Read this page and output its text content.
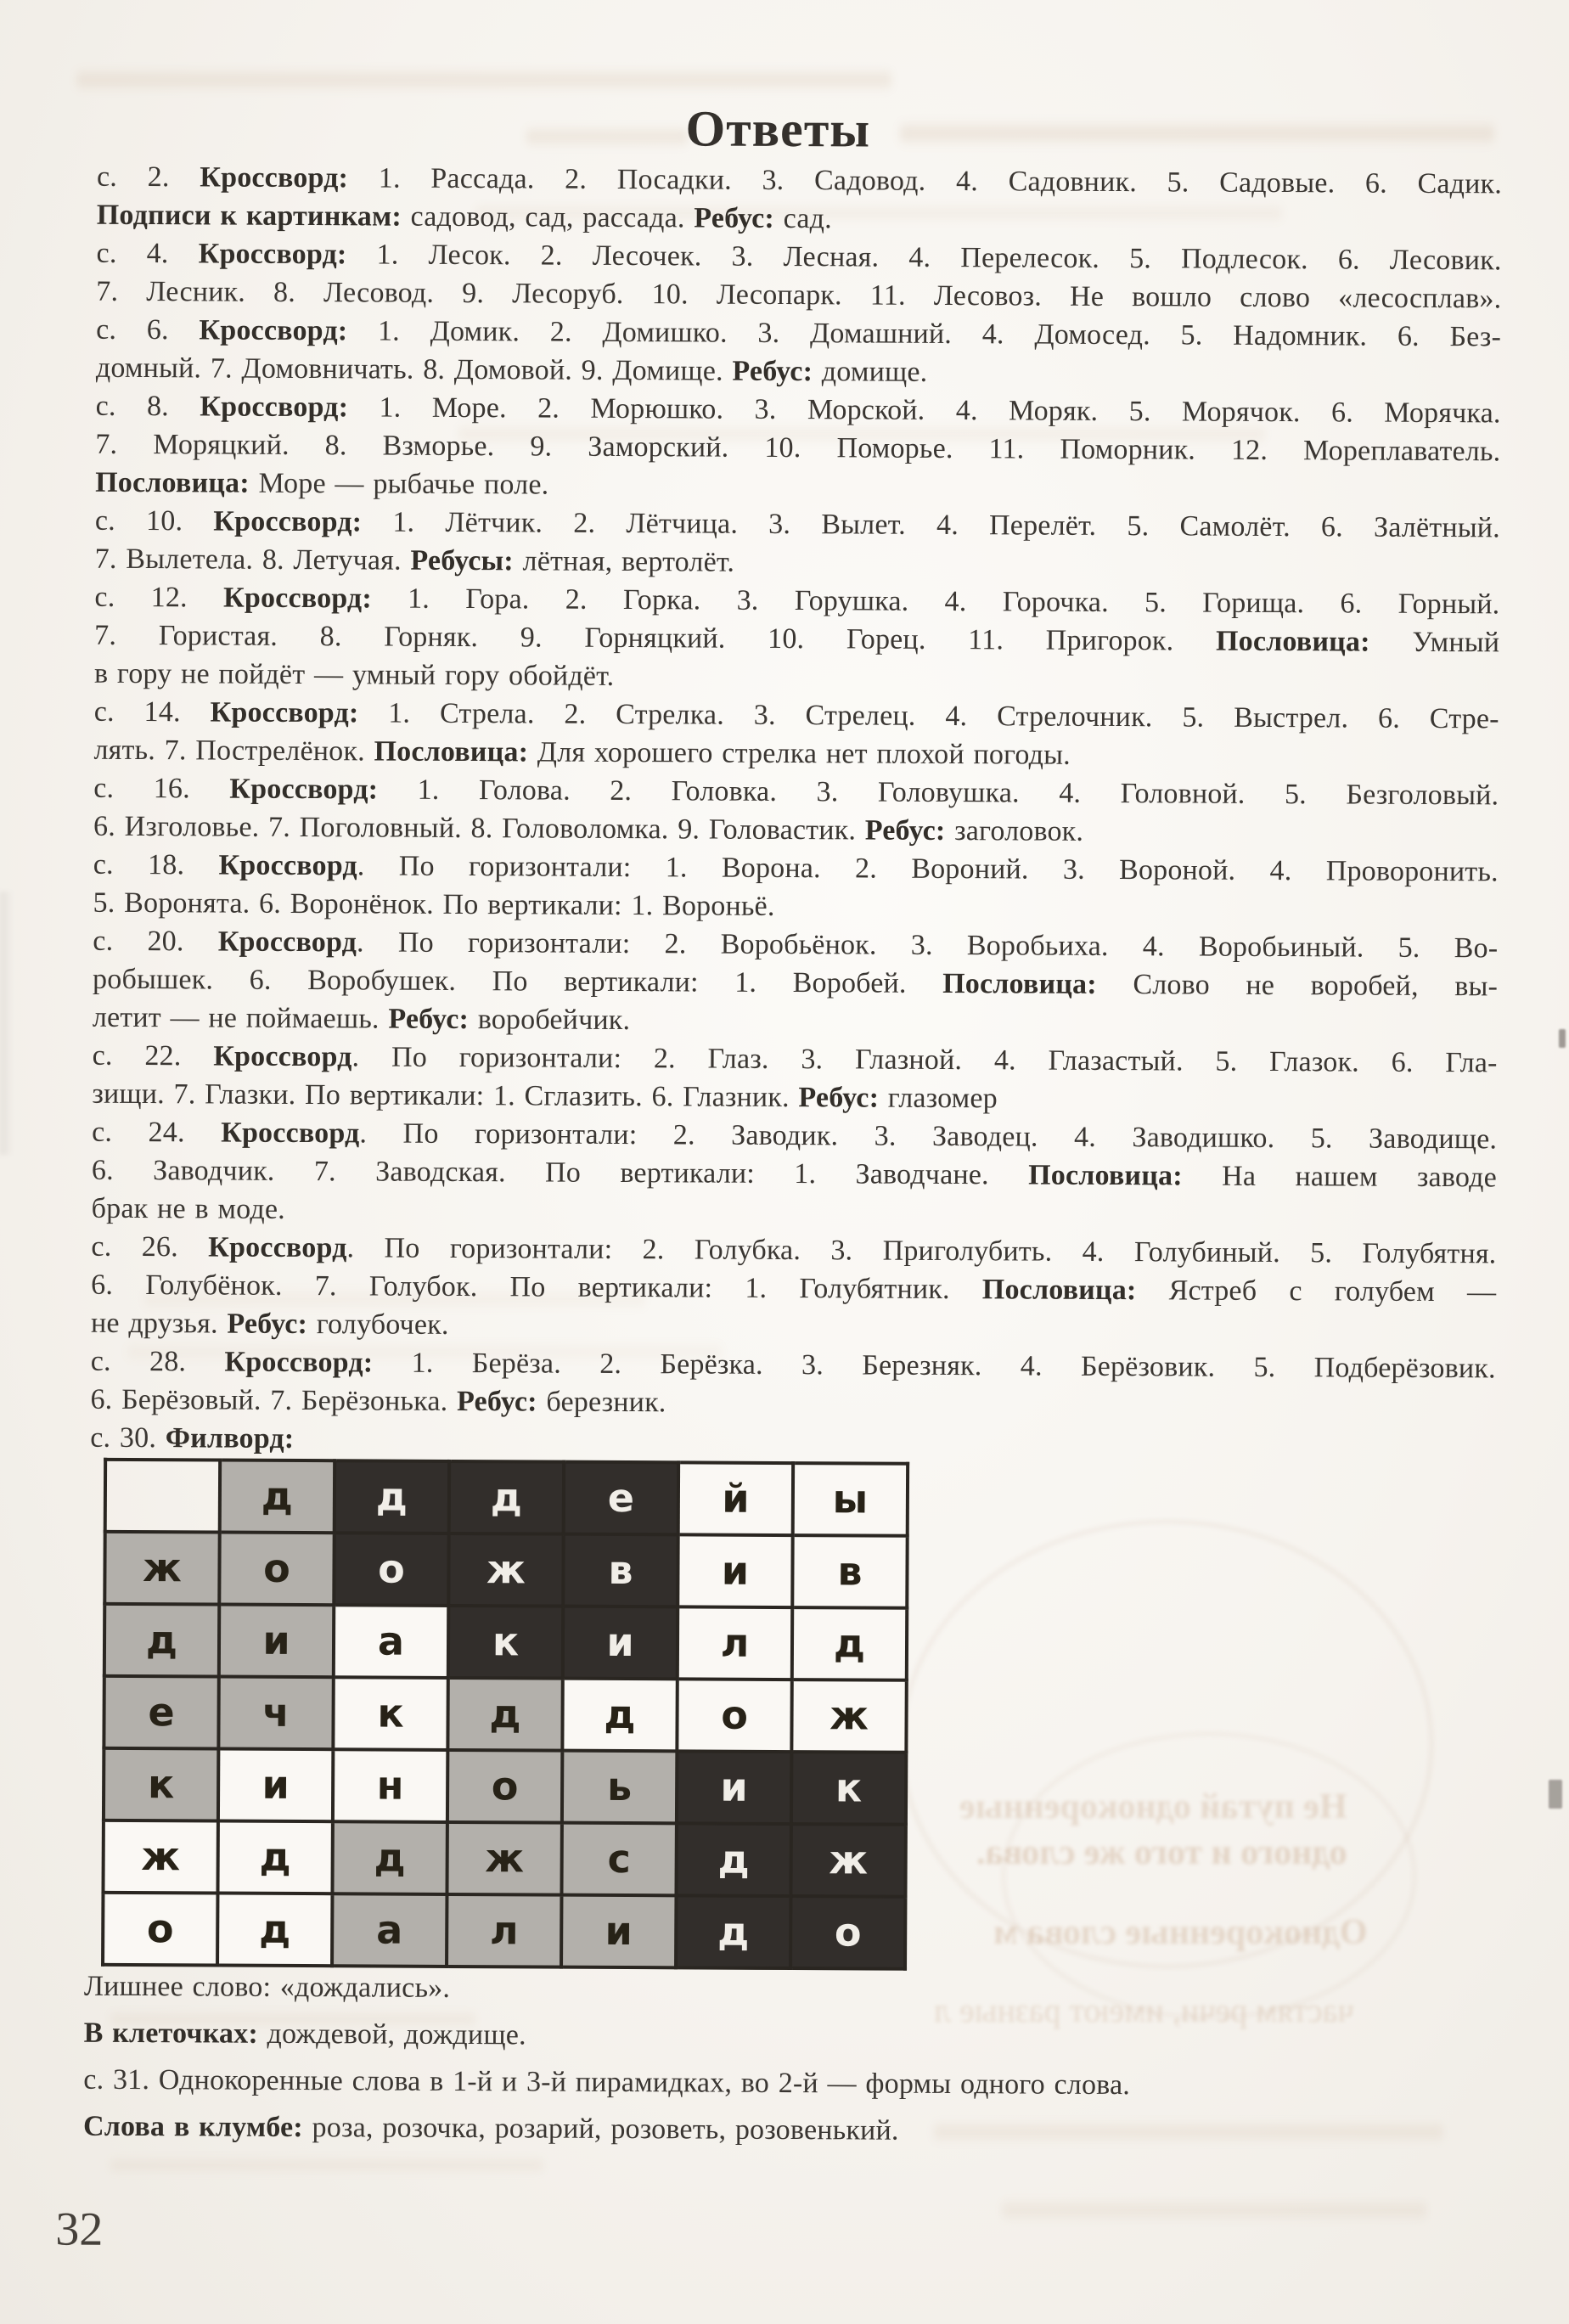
Не путай однокоренные
одного и того же слова.
Однокоренные слова м
частям речи, имеют разные л
Ответы
с. 2. Кроссворд: 1. Рассада. 2. Посадки. 3. Садовод. 4. Садовник. 5. Садовые. 6. Садик.
Подписи к картинкам: садовод, сад, рассада. Ребус: сад.
с. 4. Кроссворд: 1. Лесок. 2. Лесочек. 3. Лесная. 4. Перелесок. 5. Подлесок. 6. Лесовик.
7. Лесник. 8. Лесовод. 9. Лесоруб. 10. Лесопарк. 11. Лесовоз. Не вошло слово «лесосплав».
с. 6. Кроссворд: 1. Домик. 2. Домишко. 3. Домашний. 4. Домосед. 5. Надомник. 6. Без-
домный. 7. Домовничать. 8. Домовой. 9. Домище. Ребус: домище.
с. 8. Кроссворд: 1. Море. 2. Морюшко. 3. Морской. 4. Моряк. 5. Морячок. 6. Морячка.
7. Моряцкий. 8. Взморье. 9. Заморский. 10. Поморье. 11. Поморник. 12. Мореплаватель.
Пословица: Море — рыбачье поле.
с. 10. Кроссворд: 1. Лётчик. 2. Лётчица. 3. Вылет. 4. Перелёт. 5. Самолёт. 6. Залётный.
7. Вылетела. 8. Летучая. Ребусы: лётная, вертолёт.
с. 12. Кроссворд: 1. Гора. 2. Горка. 3. Горушка. 4. Горочка. 5. Горища. 6. Горный.
7. Гористая. 8. Горняк. 9. Горняцкий. 10. Горец. 11. Пригорок. Пословица: Умный
в гору не пойдёт — умный гору обойдёт.
с. 14. Кроссворд: 1. Стрела. 2. Стрелка. 3. Стрелец. 4. Стрелочник. 5. Выстрел. 6. Стре-
лять. 7. Пострелёнок. Пословица: Для хорошего стрелка нет плохой погоды.
с. 16. Кроссворд: 1. Голова. 2. Головка. 3. Головушка. 4. Головной. 5. Безголовый.
6. Изголовье. 7. Поголовный. 8. Головоломка. 9. Головастик. Ребус: заголовок.
с. 18. Кроссворд. По горизонтали: 1. Ворона. 2. Вороний. 3. Вороной. 4. Проворонить.
5. Воронята. 6. Воронёнок. По вертикали: 1. Вороньё.
с. 20. Кроссворд. По горизонтали: 2. Воробьёнок. 3. Воробьиха. 4. Воробьиный. 5. Во-
робышек. 6. Воробушек. По вертикали: 1. Воробей. Пословица: Слово не воробей, вы-
летит — не поймаешь. Ребус: воробейчик.
с. 22. Кроссворд. По горизонтали: 2. Глаз. 3. Глазной. 4. Глазастый. 5. Глазок. 6. Гла-
зищи. 7. Глазки. По вертикали: 1. Сглазить. 6. Глазник. Ребус: глазомер
с. 24. Кроссворд. По горизонтали: 2. Заводик. 3. Заводец. 4. Заводишко. 5. Заводище.
6. Заводчик. 7. Заводская. По вертикали: 1. Заводчане. Пословица: На нашем заводе
брак не в моде.
с. 26. Кроссворд. По горизонтали: 2. Голубка. 3. Приголубить. 4. Голубиный. 5. Голубятня.
6. Голубёнок. 7. Голубок. По вертикали: 1. Голубятник. Пословица: Ястреб с голубем —
не друзья. Ребус: голубочек.
с. 28. Кроссворд: 1. Берёза. 2. Берёзка. 3. Березняк. 4. Берёзовик. 5. Подберёзовик.
6. Берёзовый. 7. Берёзонька. Ребус: березник.
с. 30. Филворд:
	д	д	д	е	й	ы
ж	о	о	ж	в	и	в
д	и	а	к	и	л	д
е	ч	к	д	д	о	ж
к	и	н	о	ь	и	к
ж	д	д	ж	с	д	ж
о	д	а	л	и	д	о
Лишнее слово: «дождались».
В клеточках: дождевой, дождище.
с. 31. Однокоренные слова в 1-й и 3-й пирамидках, во 2-й — формы одного слова.
Слова в клумбе: роза, розочка, розарий, розоветь, розовенький.
32
